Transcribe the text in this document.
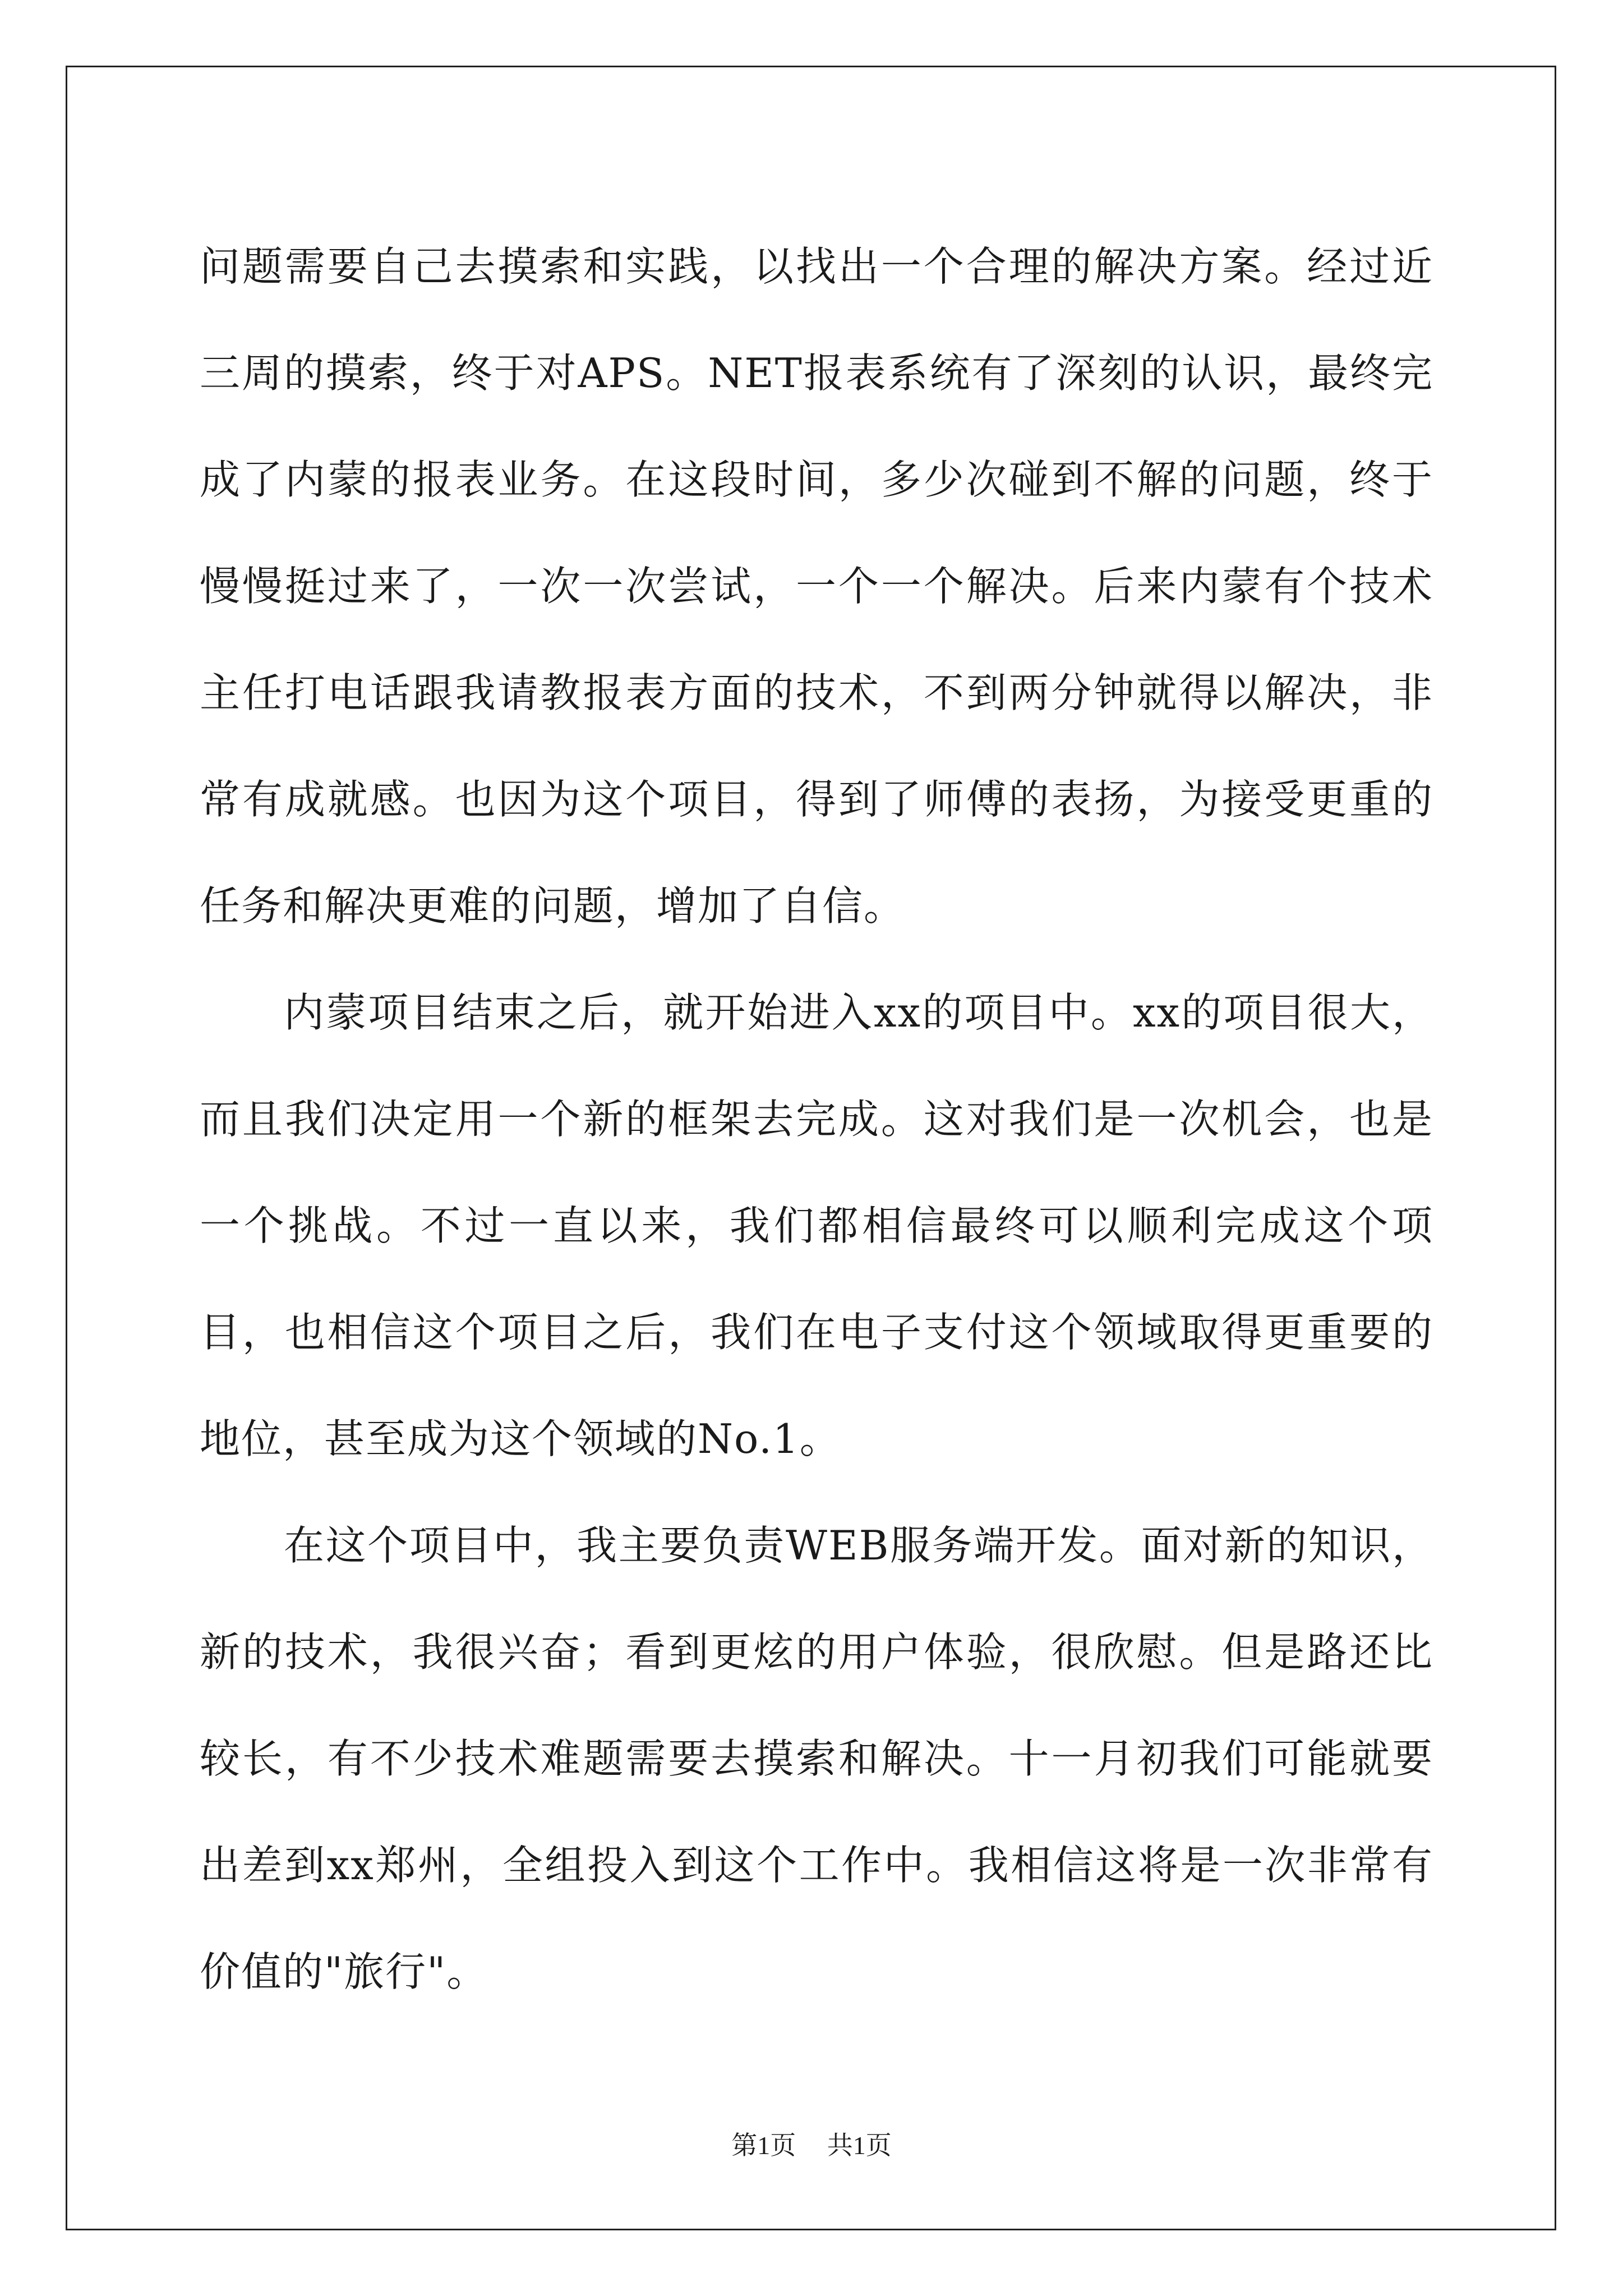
问题需要自己去摸索和实践，以找出一个合理的解决方案。经过近三周的摸索，终于对APS。NET报表系统有了深刻的认识，最终完成了内蒙的报表业务。在这段时间，多少次碰到不解的问题，终于慢慢挺过来了，一次一次尝试，一个一个解决。后来内蒙有个技术主任打电话跟我请教报表方面的技术，不到两分钟就得以解决，非常有成就感。也因为这个项目，得到了师傅的表扬，为接受更重的任务和解决更难的问题，增加了自信。

内蒙项目结束之后，就开始进入xx的项目中。xx的项目很大，而且我们决定用一个新的框架去完成。这对我们是一次机会，也是一个挑战。不过一直以来，我们都相信最终可以顺利完成这个项目，也相信这个项目之后，我们在电子支付这个领域取得更重要的地位，甚至成为这个领域的No.1。

在这个项目中，我主要负责WEB服务端开发。面对新的知识，新的技术，我很兴奋；看到更炫的用户体验，很欣慰。但是路还比较长，有不少技术难题需要去摸索和解决。十一月初我们可能就要出差到xx郑州，全组投入到这个工作中。我相信这将是一次非常有价值的"旅行"。

第1页 共1页
